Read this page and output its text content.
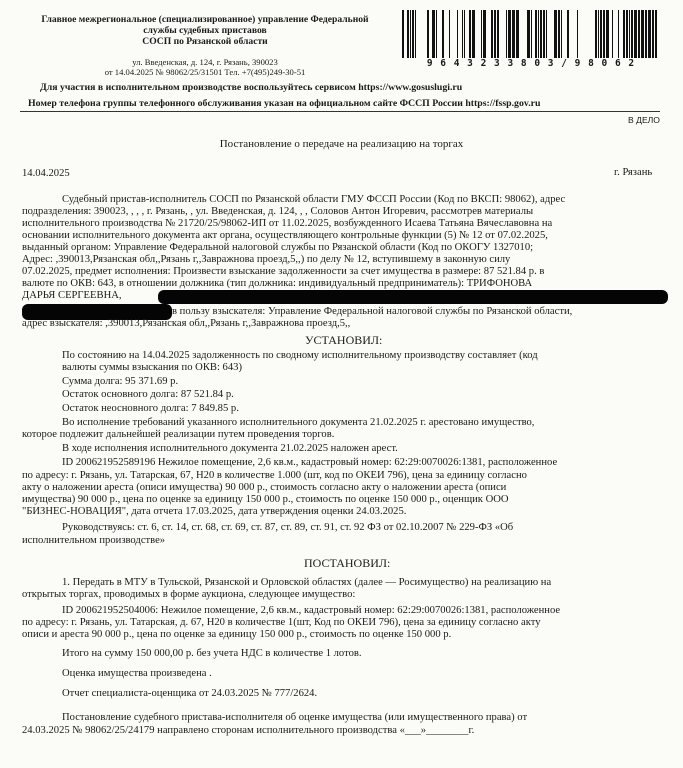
Главное межрегиональное (специализированное) управление Федеральной
службы судебных приставов
СОСП по Рязанской области
ул. Введенская, д. 124, г. Рязань, 390023
от 14.04.2025 № 98062/25/31501 Тел. +7(495)249-30-51
9 6 4 3 2 3 3 8 0 3 / 9 8 0 6 2
Для участия в исполнительном производстве воспользуйтесь сервисом https://www.gosuslugi.ru
Номер телефона группы телефонного обслуживания указан на официальном сайте ФССП России https://fssp.gov.ru
В ДЕЛО
Постановление о передаче на реализацию на торгах
14.04.2025	г. Рязань
Судебный пристав-исполнитель СОСП по Рязанской области ГМУ ФССП России (Код по ВКСП: 98062), адрес
подразделения: 390023, , , , г. Рязань, , ул. Введенская, д. 124, , , Соловов Антон Игоревич, рассмотрев материалы
исполнительного производства № 21720/25/98062-ИП от 11.02.2025, возбужденного Исаева Татьяна Вячеславовна на
основании исполнительного документа акт органа, осуществляющего контрольные функции (5) № 12 от 07.02.2025,
выданный органом: Управление Федеральной налоговой службы по Рязанской области (Код по ОКОГУ 1327010;
Адрес: ,390013,Рязанская обл,,Рязань г,,Завражнова проезд,5,,) по делу № 12, вступившему в законную силу
07.02.2025, предмет исполнения: Произвести взыскание задолженности за счет имущества в размере: 87 521.84 р. в
валюте по ОКВ: 643, в отношении должника (тип должника: индивидуальный предприниматель): ТРИФОНОВА
ДАРЬЯ СЕРГЕЕВНА,
в пользу взыскателя: Управление Федеральной налоговой службы по Рязанской области,
адрес взыскателя: ,390013,Рязанская обл,,Рязань г,,Завражнова проезд,5,,
УСТАНОВИЛ:
По состоянию на 14.04.2025 задолженность по сводному исполнительному производству составляет (код
валюты суммы взыскания по ОКВ: 643)
Сумма долга: 95 371.69 р.
Остаток основного долга: 87 521.84 р.
Остаток неосновного долга: 7 849.85 р.
Во исполнение требований указанного исполнительного документа 21.02.2025 г. арестовано имущество,
которое подлежит дальнейшей реализации путем проведения торгов.
В ходе исполнения исполнительного документа 21.02.2025 наложен арест.
ID 200621952589196 Нежилое помещение, 2,6 кв.м., кадастровый номер: 62:29:0070026:1381, расположенное
по адресу: г. Рязань, ул. Татарская, 67, Н20 в количестве 1.000 (шт, код по ОКЕИ 796), цена за единицу согласно
акту о наложении ареста (описи имущества) 90 000 р., стоимость согласно акту о наложении ареста (описи
имущества) 90 000 р., цена по оценке за единицу 150 000 р., стоимость по оценке 150 000 р., оценщик ООО
"БИЗНЕС-НОВАЦИЯ", дата отчета 17.03.2025, дата утверждения оценки 24.03.2025.
Руководствуясь: ст. 6, ст. 14, ст. 68, ст. 69, ст. 87, ст. 89, ст. 91, ст. 92 ФЗ от 02.10.2007 № 229-ФЗ «Об
исполнительном производстве»
ПОСТАНОВИЛ:
1. Передать в МТУ в Тульской, Рязанской и Орловской областях (далее — Росимущество) на реализацию на
открытых торгах, проводимых в форме аукциона, следующее имущество:
ID 200621952504006: Нежилое помещение, 2,6 кв.м., кадастровый номер: 62:29:0070026:1381, расположенное
по адресу: г. Рязань, ул. Татарская, д. 67, Н20 в количестве 1(шт, Код по ОКЕИ 796), цена за единицу согласно акту
описи и ареста 90 000 р., цена по оценке за единицу 150 000 р., стоимость по оценке 150 000 р.
Итого на сумму 150 000,00 р. без учета НДС в количестве 1 лотов.
Оценка имущества произведена .
Отчет специалиста-оценщика от 24.03.2025 № 777/2624.
Постановление судебного пристава-исполнителя об оценке имущества (или имущественного права) от
24.03.2025 № 98062/25/24179 направлено сторонам исполнительного производства «___»________г.
